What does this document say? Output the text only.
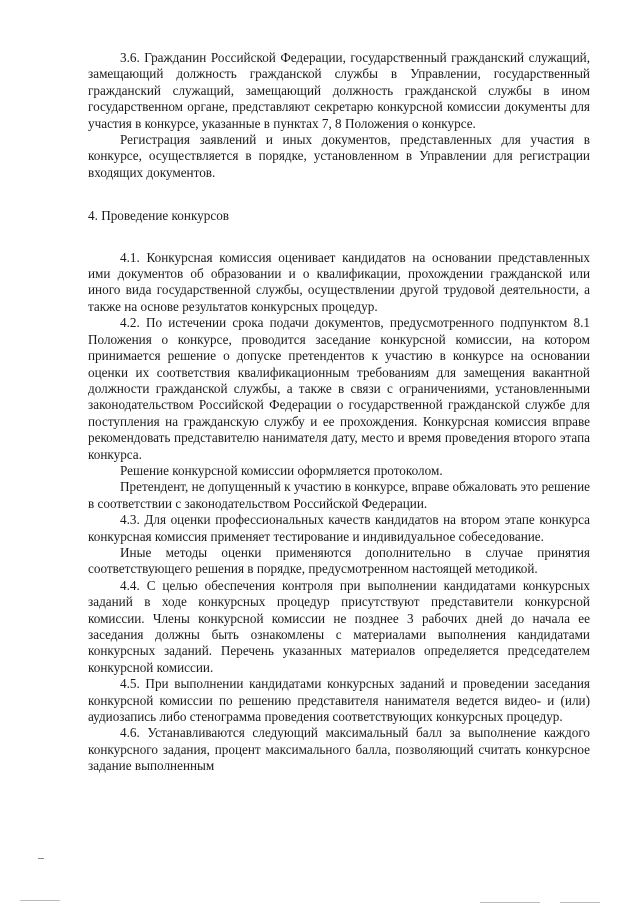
3.6. Гражданин Российской Федерации, государственный гражданский служащий, замещающий должность гражданской службы в Управлении, государственный гражданский служащий, замещающий должность гражданской службы в ином государственном органе, представляют секретарю конкурсной комиссии документы для участия в конкурсе, указанные в пунктах 7, 8 Положения о конкурсе.

Регистрация заявлений и иных документов, представленных для участия в конкурсе, осуществляется в порядке, установленном в Управлении для регистрации входящих документов.

4. Проведение конкурсов

4.1. Конкурсная комиссия оценивает кандидатов на основании представленных ими документов об образовании и о квалификации, прохождении гражданской или иного вида государственной службы, осуществлении другой трудовой деятельности, а также на основе результатов конкурсных процедур.

4.2. По истечении срока подачи документов, предусмотренного подпунктом 8.1 Положения о конкурсе, проводится заседание конкурсной комиссии, на котором принимается решение о допуске претендентов к участию в конкурсе на основании оценки их соответствия квалификационным требованиям для замещения вакантной должности гражданской службы, а также в связи с ограничениями, установленными законодательством Российской Федерации о государственной гражданской службе для поступления на гражданскую службу и ее прохождения. Конкурсная комиссия вправе рекомендовать представителю нанимателя дату, место и время проведения второго этапа конкурса.

Решение конкурсной комиссии оформляется протоколом.

Претендент, не допущенный к участию в конкурсе, вправе обжаловать это решение в соответствии с законодательством Российской Федерации.

4.3. Для оценки профессиональных качеств кандидатов на втором этапе конкурса конкурсная комиссия применяет тестирование и индивидуальное собеседование.

Иные методы оценки применяются дополнительно в случае принятия соответствующего решения в порядке, предусмотренном настоящей методикой.

4.4. С целью обеспечения контроля при выполнении кандидатами конкурсных заданий в ходе конкурсных процедур присутствуют представители конкурсной комиссии. Члены конкурсной комиссии не позднее 3 рабочих дней до начала ее заседания должны быть ознакомлены с материалами выполнения кандидатами конкурсных заданий. Перечень указанных материалов определяется председателем конкурсной комиссии.

4.5. При выполнении кандидатами конкурсных заданий и проведении заседания конкурсной комиссии по решению представителя нанимателя ведется видео- и (или) аудиозапись либо стенограмма проведения соответствующих конкурсных процедур.

4.6. Устанавливаются следующий максимальный балл за выполнение каждого конкурсного задания, процент максимального балла, позволяющий считать конкурсное задание выполненным
